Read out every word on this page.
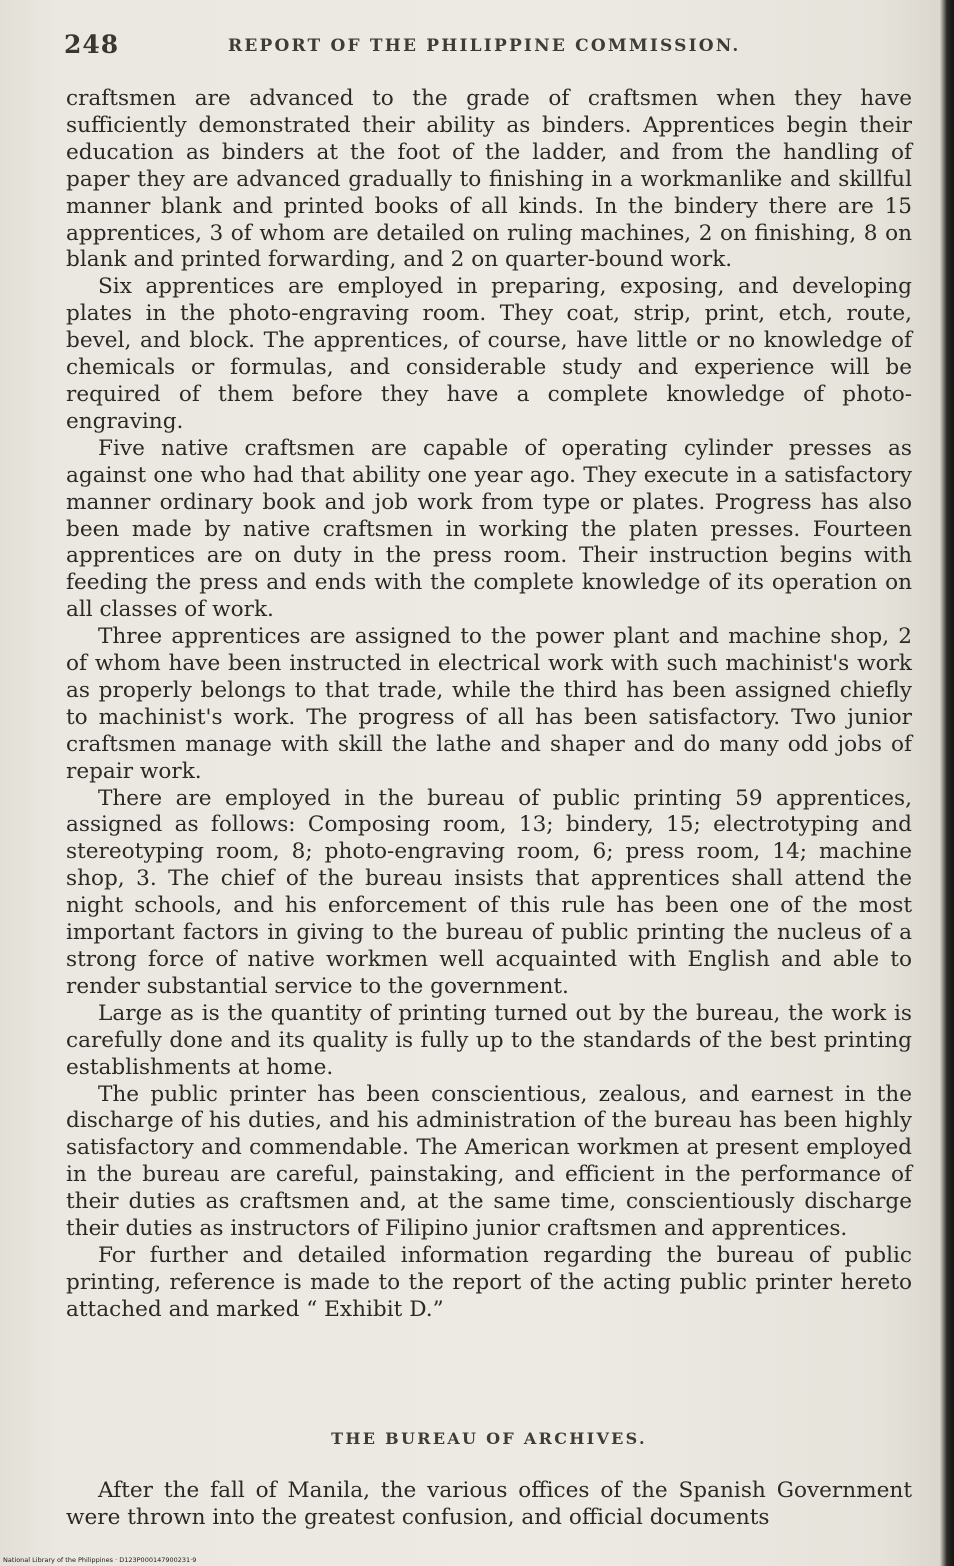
248	REPORT OF THE PHILIPPINE COMMISSION.

craftsmen are advanced to the grade of craftsmen when they have sufficiently demonstrated their ability as binders. Apprentices begin their education as binders at the foot of the ladder, and from the handling of paper they are advanced gradually to finishing in a workmanlike and skillful manner blank and printed books of all kinds. In the bindery there are 15 apprentices, 3 of whom are detailed on ruling machines, 2 on finishing, 8 on blank and printed forwarding, and 2 on quarter-bound work.

Six apprentices are employed in preparing, exposing, and developing plates in the photo-engraving room. They coat, strip, print, etch, route, bevel, and block. The apprentices, of course, have little or no knowledge of chemicals or formulas, and considerable study and experience will be required of them before they have a complete knowledge of photo-engraving.

Five native craftsmen are capable of operating cylinder presses as against one who had that ability one year ago. They execute in a satisfactory manner ordinary book and job work from type or plates. Progress has also been made by native craftsmen in working the platen presses. Fourteen apprentices are on duty in the press room. Their instruction begins with feeding the press and ends with the complete knowledge of its operation on all classes of work.

Three apprentices are assigned to the power plant and machine shop, 2 of whom have been instructed in electrical work with such machinist's work as properly belongs to that trade, while the third has been assigned chiefly to machinist's work. The progress of all has been satisfactory. Two junior craftsmen manage with skill the lathe and shaper and do many odd jobs of repair work.

There are employed in the bureau of public printing 59 apprentices, assigned as follows: Composing room, 13; bindery, 15; electrotyping and stereotyping room, 8; photo-engraving room, 6; press room, 14; machine shop, 3. The chief of the bureau insists that apprentices shall attend the night schools, and his enforcement of this rule has been one of the most important factors in giving to the bureau of public printing the nucleus of a strong force of native workmen well acquainted with English and able to render substantial service to the government.

Large as is the quantity of printing turned out by the bureau, the work is carefully done and its quality is fully up to the standards of the best printing establishments at home.

The public printer has been conscientious, zealous, and earnest in the discharge of his duties, and his administration of the bureau has been highly satisfactory and commendable. The American workmen at present employed in the bureau are careful, painstaking, and efficient in the performance of their duties as craftsmen and, at the same time, conscientiously discharge their duties as instructors of Filipino junior craftsmen and apprentices.

For further and detailed information regarding the bureau of public printing, reference is made to the report of the acting public printer hereto attached and marked “ Exhibit D.”

THE BUREAU OF ARCHIVES.

After the fall of Manila, the various offices of the Spanish Government were thrown into the greatest confusion, and official documents

National Library of the Philippines · D123P000147900231·9
